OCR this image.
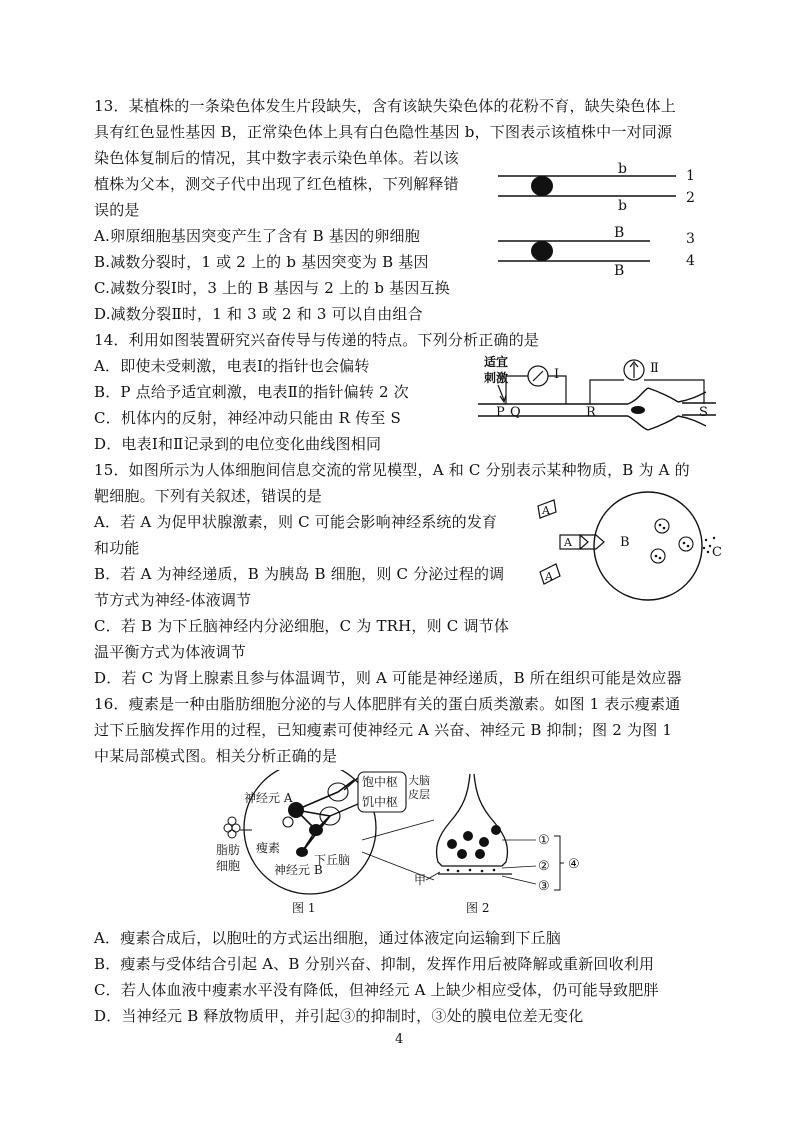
13．某植株的一条染色体发生片段缺失，含有该缺失染色体的花粉不育，缺失染色体上
具有红色显性基因 B，正常染色体上具有白色隐性基因 b，下图表示该植株中一对同源
染色体复制后的情况，其中数字表示染色单体。若以该
植株为父本，测交子代中出现了红色植株，下列解释错
误的是
A.卵原细胞基因突变产生了含有 B 基因的卵细胞
B.减数分裂时，1 或 2 上的 b 基因突变为 B 基因
C.减数分裂Ⅰ时，3 上的 B 基因与 2 上的 b 基因互换
D.减数分裂Ⅱ时，1 和 3 或 2 和 3 可以自由组合
b
b
1
2
B
B
3
4
14．利用如图装置研究兴奋传导与传递的特点。下列分析正确的是
A．即使未受刺激，电表Ⅰ的指针也会偏转
B．P 点给予适宜刺激，电表Ⅱ的指针偏转 2 次
C．机体内的反射，神经冲动只能由 R 传至 S
D．电表Ⅰ和Ⅱ记录到的电位变化曲线图相同
适宜
刺激	Ⅰ	Ⅱ
P Q	R	S
15．如图所示为人体细胞间信息交流的常见模型，A 和 C 分别表示某种物质，B 为 A 的
靶细胞。下列有关叙述，错误的是
A．若 A 为促甲状腺激素，则 C 可能会影响神经系统的发育
和功能
B．若 A 为神经递质，B 为胰岛 B 细胞，则 C 分泌过程的调
节方式为神经-体液调节
C．若 B 为下丘脑神经内分泌细胞，C 为 TRH，则 C 调节体
温平衡方式为体液调节
D．若 C 为肾上腺素且参与体温调节，则 A 可能是神经递质，B 所在组织可能是效应器
A
A
A	B
C
16．瘦素是一种由脂肪细胞分泌的与人体肥胖有关的蛋白质类激素。如图 1 表示瘦素通
过下丘脑发挥作用的过程，已知瘦素可使神经元 A 兴奋、神经元 B 抑制；图 2 为图 1
中某局部模式图。相关分析正确的是
饱中枢
饥中枢
大脑
皮层
神经元 A
瘦素
神经元 B
下丘脑
脂肪
细胞
图 1
甲
①
②
③
④
图 2
A．瘦素合成后，以胞吐的方式运出细胞，通过体液定向运输到下丘脑
B．瘦素与受体结合引起 A、B 分别兴奋、抑制，发挥作用后被降解或重新回收利用
C．若人体血液中瘦素水平没有降低，但神经元 A 上缺少相应受体，仍可能导致肥胖
D．当神经元 B 释放物质甲，并引起③的抑制时，③处的膜电位差无变化
4
